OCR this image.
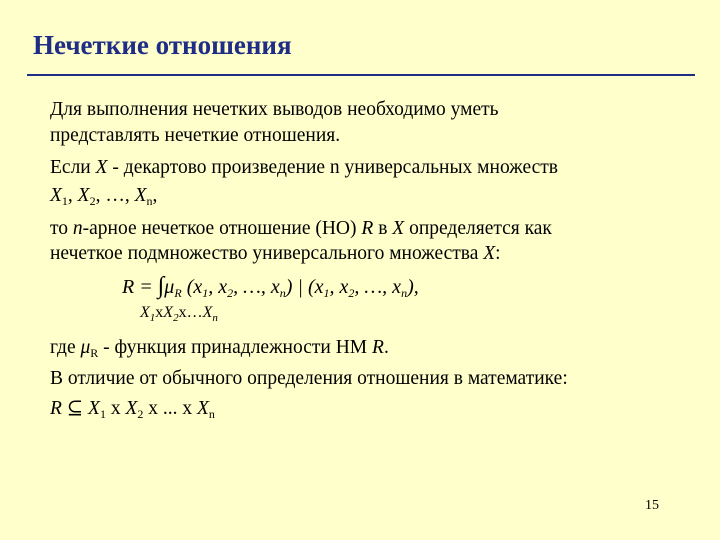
Нечеткие отношения
Для выполнения нечетких выводов необходимо уметь
представлять нечеткие отношения.
Если X - декартово произведение n универсальных множеств
$X_1$, $X_2$, …, $X_n$,
то n-арное нечеткое отношение (НО) R в X определяется как
нечеткое подмножество универсального множества X:
$R = \int\mu_R$ ($x_1$, $x_2$, …, $x_n$) | ($x_1$, $x_2$, …, $x_n$),
$X_1xX_2x\dots X_n$
где $\mu_R$ - функция принадлежности НМ R.
В отличие от обычного определения отношения в математике:
R ⊆ $X_1$ х $X_2$ х ... х $X_n$
15
